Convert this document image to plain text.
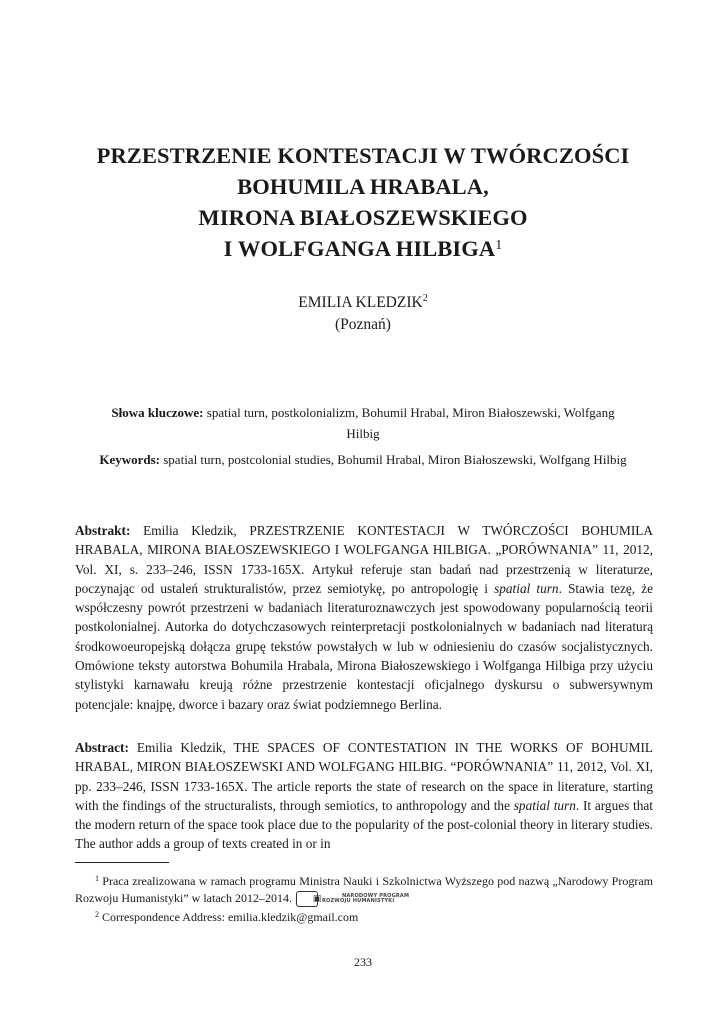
PRZESTRZENIE KONTESTACJI W TWÓRCZOŚCI
BOHUMILA HRABALA,
MIRONA BIAŁOSZEWSKIEGO
I WOLFGANGA HILBIGA$^1$
EMILIA KLEDZIK$^2$
(Poznań)

Słowa kluczowe: spatial turn, postkolonializm, Bohumil Hrabal, Miron Białoszewski, Wolfgang Hilbig

Keywords: spatial turn, postcolonial studies, Bohumil Hrabal, Miron Białoszewski, Wolfgang Hilbig

Abstrakt: Emilia Kledzik, PRZESTRZENIE KONTESTACJI W TWÓRCZOŚCI BOHUMILA HRABALA, MIRONA BIAŁOSZEWSKIEGO I WOLFGANGA HILBIGA. „PORÓWNANIA” 11, 2012, Vol. XI, s. 233–246, ISSN 1733-165X. Artykuł referuje stan badań nad przestrzenią w literaturze, poczynając od ustaleń strukturalistów, przez semiotykę, po antropologię i spatial turn. Stawia tezę, że współczesny powrót przestrzeni w badaniach literaturoznawczych jest spowodowany popularnością teorii postkolonialnej. Autorka do dotychczasowych reinterpretacji postkolonialnych w badaniach nad literaturą środkowoeuropejską dołącza grupę tekstów powstałych w lub w odniesieniu do czasów socjalistycznych. Omówione teksty autorstwa Bohumila Hrabala, Mirona Białoszewskiego i Wolfganga Hilbiga przy użyciu stylistyki karnawału kreują różne przestrzenie kontestacji oficjalnego dyskursu o subwersywnym potencjale: knajpę, dworce i bazary oraz świat podziemnego Berlina.

Abstract: Emilia Kledzik, THE SPACES OF CONTESTATION IN THE WORKS OF BOHUMIL HRABAL, MIRON BIAŁOSZEWSKI AND WOLFGANG HILBIG. “PORÓWNANIA” 11, 2012, Vol. XI, pp. 233–246, ISSN 1733-165X. The article reports the state of research on the space in literature, starting with the findings of the structuralists, through semiotics, to anthropology and the spatial turn. It argues that the modern return of the space took place due to the popularity of the post-colonial theory in literary studies. The author adds a group of texts created in or in

$^1$ Praca zrealizowana w ramach programu Ministra Nauki i Szkolnictwa Wyższego pod nazwą „Narodowy Program Rozwoju Humanistyki” w latach 2012–2014.	▣	NARODOWY PROGRAM
ROZWOJU HUMANISTYKI

$^2$ Correspondence Address: emilia.kledzik@gmail.com

233
